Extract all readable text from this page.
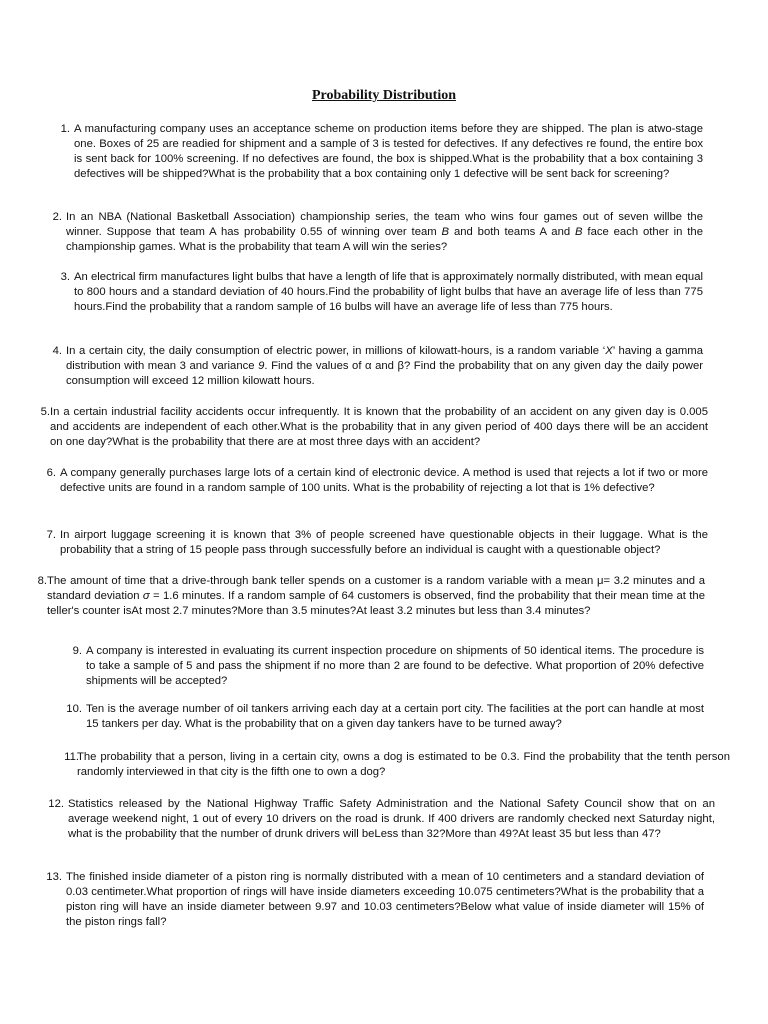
Probability Distribution
1. A manufacturing company uses an acceptance scheme on production items before they are shipped. The plan is atwo-stage one. Boxes of 25 are readied for shipment and a sample of 3 is tested for defectives. If any defectives re found, the entire box is sent back for 100% screening. If no defectives are found, the box is shipped.What is the probability that a box containing 3 defectives will be shipped?What is the probability that a box containing only 1 defective will be sent back for screening?
2. In an NBA (National Basketball Association) championship series, the team who wins four games out of seven willbe the winner. Suppose that team A has probability 0.55 of winning over team B and both teams A and B face each other in the championship games. What is the probability that team A will win the series?
3. An electrical firm manufactures light bulbs that have a length of life that is approximately normally distributed, with mean equal to 800 hours and a standard deviation of 40 hours.Find the probability of light bulbs that have an average life of less than 775 hours.Find the probability that a random sample of 16 bulbs will have an average life of less than 775 hours.
4. In a certain city, the daily consumption of electric power, in millions of kilowatt-hours, is a random variable ‘X’ having a gamma distribution with mean 3 and variance 9. Find the values of α and β? Find the probability that on any given day the daily power consumption will exceed 12 million kilowatt hours.
5. In a certain industrial facility accidents occur infrequently. It is known that the probability of an accident on any given day is 0.005 and accidents are independent of each other.What is the probability that in any given period of 400 days there will be an accident on one day?What is the probability that there are at most three days with an accident?
6. A company generally purchases large lots of a certain kind of electronic device. A method is used that rejects a lot if two or more defective units are found in a random sample of 100 units. What is the probability of rejecting a lot that is 1% defective?
7. In airport luggage screening it is known that 3% of people screened have questionable objects in their luggage. What is the probability that a string of 15 people pass through successfully before an individual is caught with a questionable object?
8. The amount of time that a drive-through bank teller spends on a customer is a random variable with a mean μ= 3.2 minutes and a standard deviation σ = 1.6 minutes. If a random sample of 64 customers is observed, find the probability that their mean time at the teller's counter isAt most 2.7 minutes?More than 3.5 minutes?At least 3.2 minutes but less than 3.4 minutes?
9. A company is interested in evaluating its current inspection procedure on shipments of 50 identical items. The procedure is to take a sample of 5 and pass the shipment if no more than 2 are found to be defective. What proportion of 20% defective shipments will be accepted?
10. Ten is the average number of oil tankers arriving each day at a certain port city. The facilities at the port can handle at most 15 tankers per day. What is the probability that on a given day tankers have to be turned away?
11.
The probability that a person, living in a certain city, owns a dog is estimated to be 0.3. Find the probability that the tenth person randomly interviewed in that city is the fifth one to own a dog?
12. Statistics released by the National Highway Traffic Safety Administration and the National Safety Council show that on an average weekend night, 1 out of every 10 drivers on the road is drunk. If 400 drivers are randomly checked next Saturday night, what is the probability that the number of drunk drivers will beLess than 32?More than 49?At least 35 but less than 47?
13. The finished inside diameter of a piston ring is normally distributed with a mean of 10 centimeters and a standard deviation of 0.03 centimeter.What proportion of rings will have inside diameters exceeding 10.075 centimeters?What is the probability that a piston ring will have an inside diameter between 9.97 and 10.03 centimeters?Below what value of inside diameter will 15% of the piston rings fall?
